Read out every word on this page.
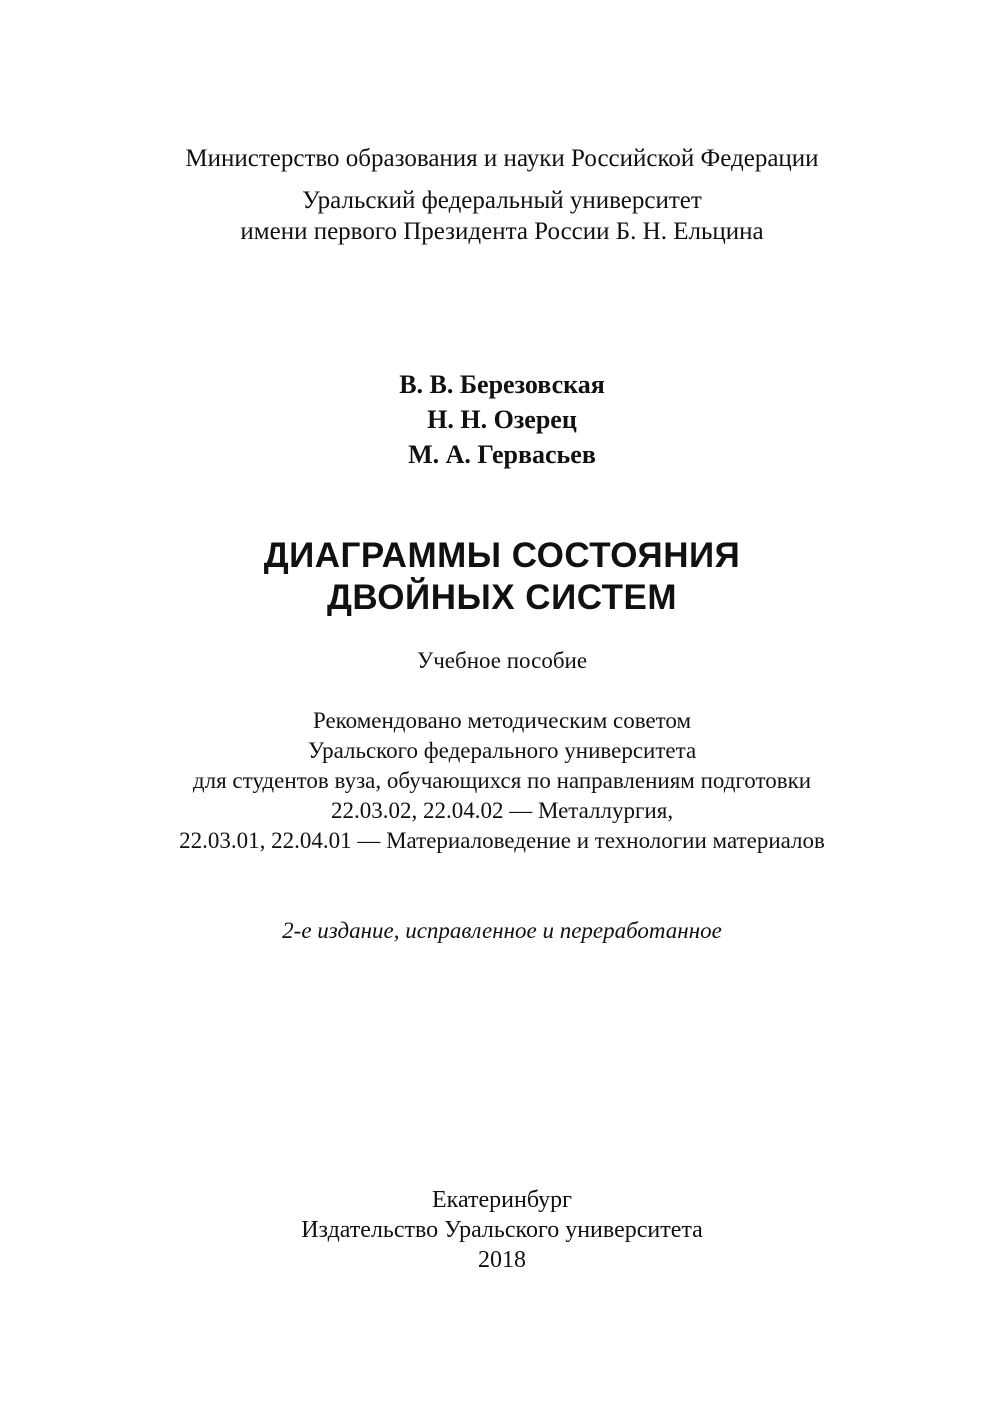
Министерство образования и науки Российской Федерации
Уральский федеральный университет
имени первого Президента России Б. Н. Ельцина
В. В. Березовская
Н. Н. Озерец
М. А. Гервасьев
ДИАГРАММЫ СОСТОЯНИЯ
ДВОЙНЫХ СИСТЕМ
Учебное пособие
Рекомендовано методическим советом
Уральского федерального университета
для студентов вуза, обучающихся по направлениям подготовки
22.03.02, 22.04.02 — Металлургия,
22.03.01, 22.04.01 — Материаловедение и технологии материалов
2-е издание, исправленное и переработанное
Екатеринбург
Издательство Уральского университета
2018
